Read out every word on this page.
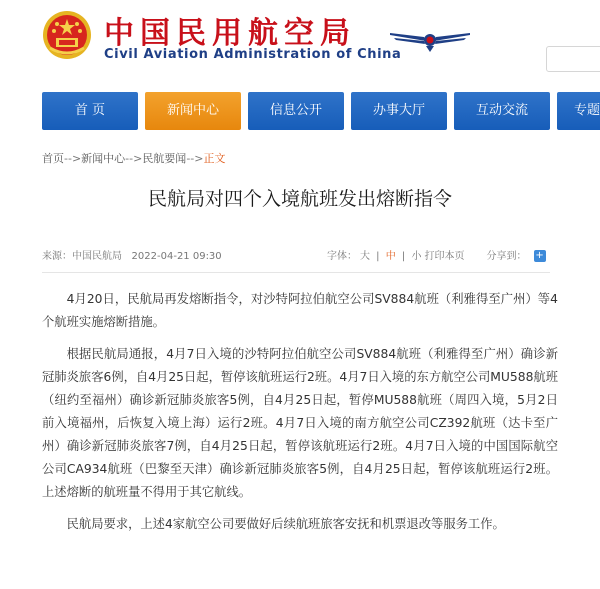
中国民用航空局
Civil Aviation Administration of China
首 页	新闻中心	信息公开	办事大厅	互动交流	专题
首页-->新闻中心-->民航要闻-->正文
民航局对四个入境航班发出熔断指令
来源：中国民航局 2022-04-21 09:30	字体： 大 | 中 | 小 打印本页 分享到： +

4月20日，民航局再发熔断指令，对沙特阿拉伯航空公司SV884航班（利雅得至广州）等4个航班实施熔断措施。

根据民航局通报，4月7日入境的沙特阿拉伯航空公司SV884航班（利雅得至广州）确诊新冠肺炎旅客6例，自4月25日起，暂停该航班运行2班。4月7日入境的东方航空公司MU588航班（纽约至福州）确诊新冠肺炎旅客5例，自4月25日起，暂停MU588航班（周四入境，5月2日前入境福州，后恢复入境上海）运行2班。4月7日入境的南方航空公司CZ392航班（达卡至广州）确诊新冠肺炎旅客7例，自4月25日起，暂停该航班运行2班。4月7日入境的中国国际航空公司CA934航班（巴黎至天津）确诊新冠肺炎旅客5例，自4月25日起，暂停该航班运行2班。上述熔断的航班量不得用于其它航线。

民航局要求，上述4家航空公司要做好后续航班旅客安抚和机票退改等服务工作。
